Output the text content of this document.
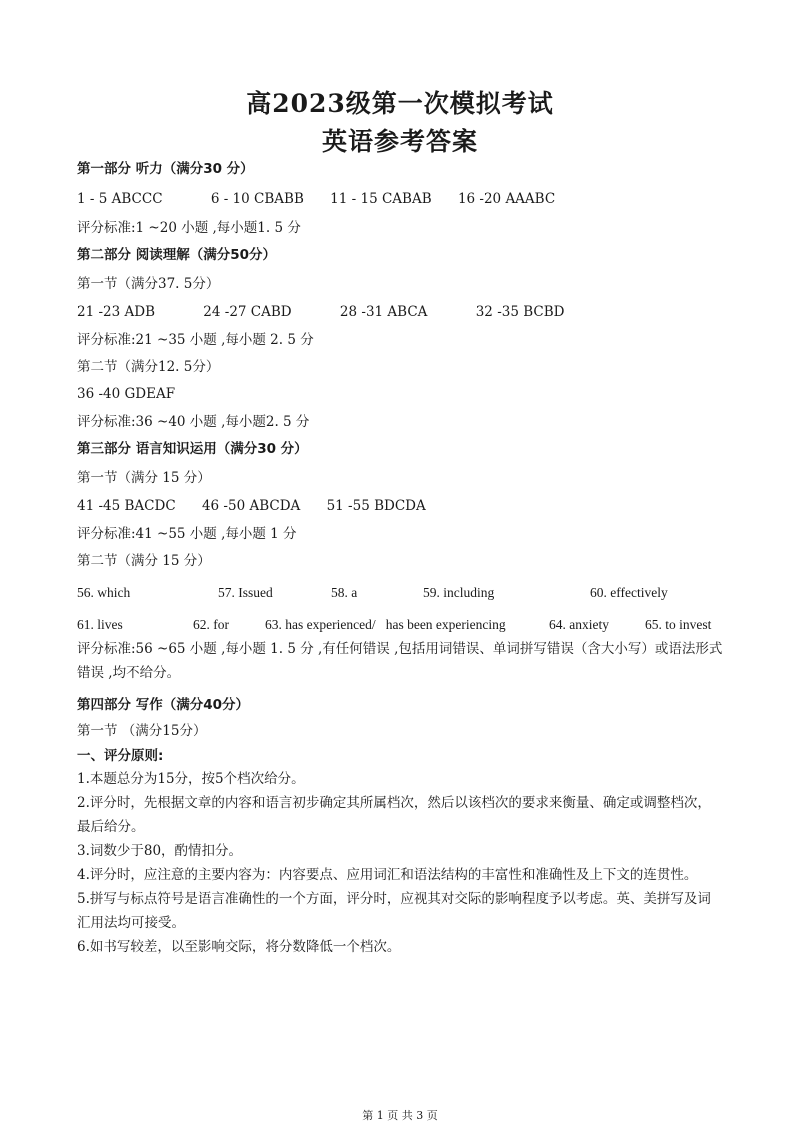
高2023级第一次模拟考试
英语参考答案
第一部分 听力（满分30 分）
1 - 5 ABCCC	6 - 10 CBABB 11 - 15 CABAB 16 -20 AAABC
评分标准:1 ~20 小题 ,每小题1. 5 分
第二部分 阅读理解（满分50分）
第一节（满分37. 5分）
21 -23 ADB	24 -27 CABD	28 -31 ABCA	32 -35 BCBD
评分标准:21 ~35 小题 ,每小题 2. 5 分
第二节（满分12. 5分）
36 -40 GDEAF
评分标准:36 ~40 小题 ,每小题2. 5 分
第三部分 语言知识运用（满分30 分）
第一节（满分 15 分）
41 -45 BACDC 46 -50 ABCDA 51 -55 BDCDA
评分标准:41 ~55 小题 ,每小题 1 分
第二节（满分 15 分）
56. which	57. Issued	58. a	59. including	60. effectively
61. lives	62. for	63. has experienced/   has been experiencing	64. anxiety	65. to invest
评分标准:56 ~65 小题 ,每小题 1. 5 分 ,有任何错误 ,包括用词错误、单词拼写错误（含大小写）或语法形式错误 ,均不给分。
第四部分 写作（满分40分）
第一节 （满分15分）
一、评分原则:
1.本题总分为15分，按5个档次给分。
2.评分时，先根据文章的内容和语言初步确定其所属档次，然后以该档次的要求来衡量、确定或调整档次，最后给分。
3.词数少于80，酌情扣分。
4.评分时，应注意的主要内容为：内容要点、应用词汇和语法结构的丰富性和准确性及上下文的连贯性。
5.拼写与标点符号是语言准确性的一个方面，评分时，应视其对交际的影响程度予以考虑。英、美拼写及词汇用法均可接受。
6.如书写较差，以至影响交际，将分数降低一个档次。
第 1 页 共 3 页
